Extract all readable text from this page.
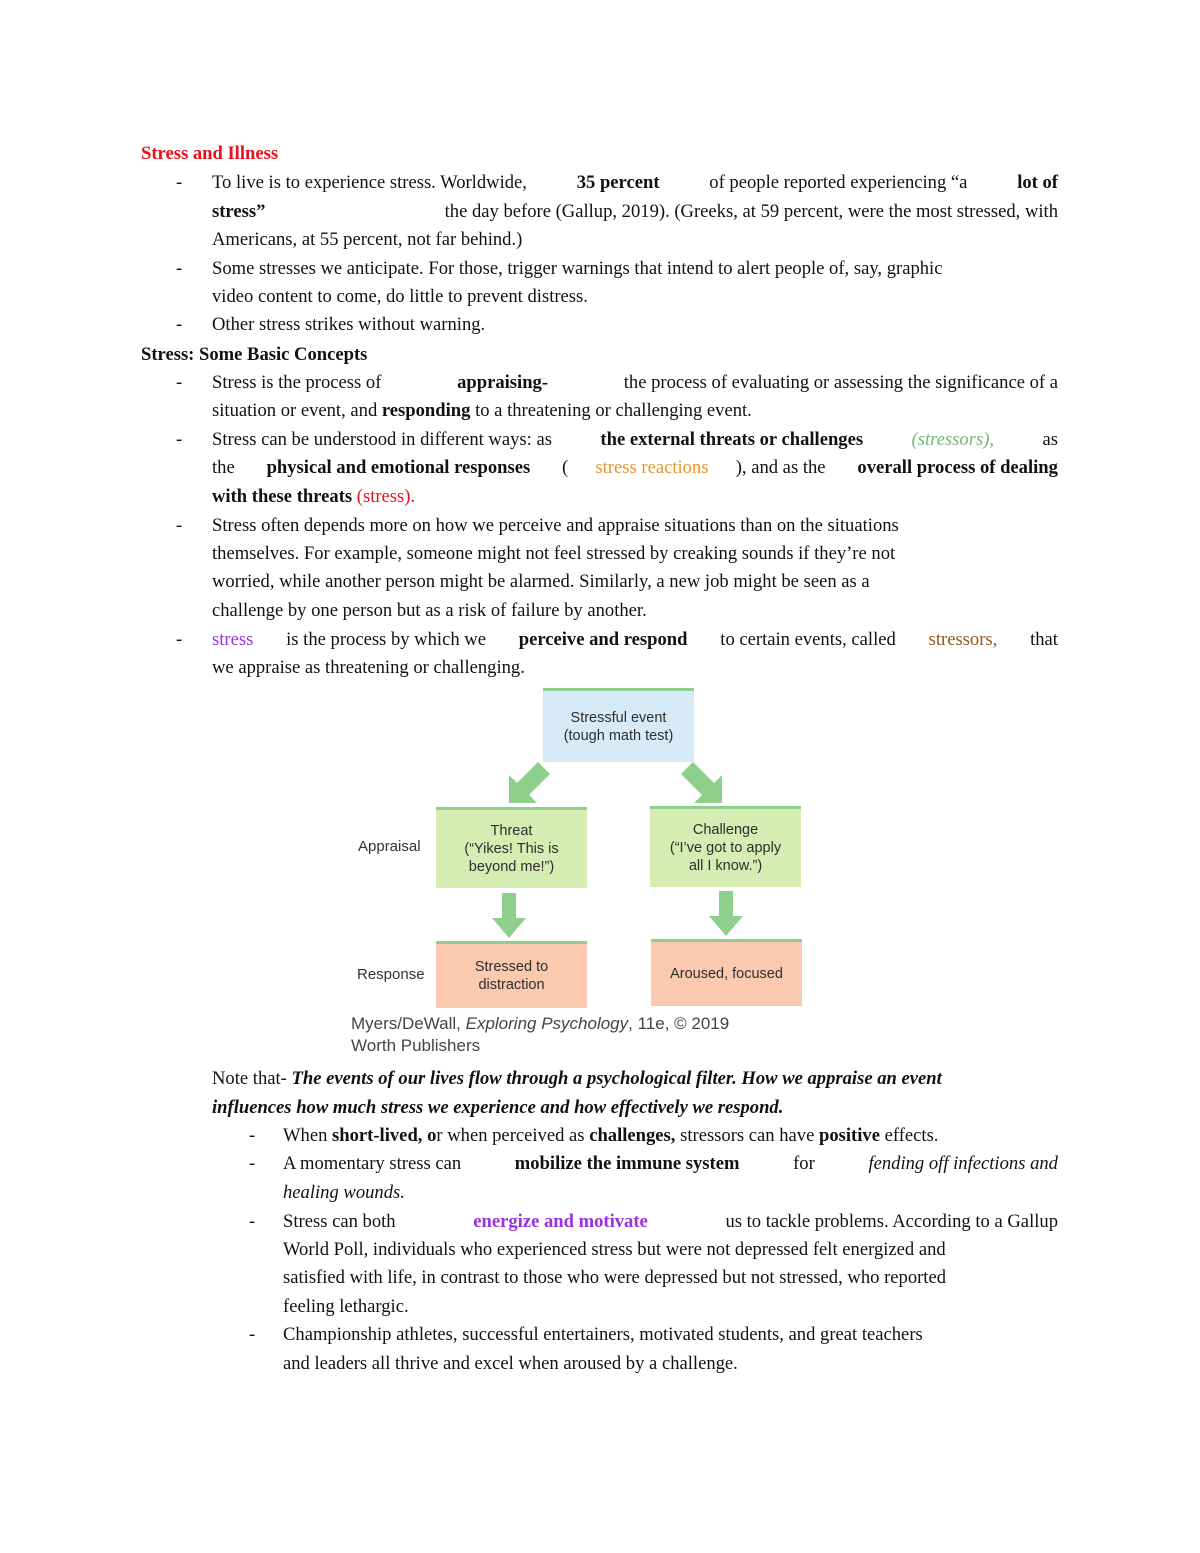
Stress and Illness
- To live is to experience stress. Worldwide, 35 percent of people reported experiencing “a lot of
stress”	the day before (Gallup, 2019). (Greeks, at 59 percent, were the most stressed, with
Americans, at 55 percent, not far behind.)
- Some stresses we anticipate. For those, trigger warnings that intend to alert people of, say, graphic
video content to come, do little to prevent distress.
- Other stress strikes without warning.
Stress: Some Basic Concepts
- Stress is the process of	appraising-	the process of evaluating or assessing the significance of a
situation or event, and responding to a threatening or challenging event.
- Stress can be understood in different ways: as the external threats or challenges (stressors), as
the physical and emotional responses ( stress reactions ), and as the overall process of dealing
with these threats (stress).
- Stress often depends more on how we perceive and appraise situations than on the situations
themselves. For example, someone might not feel stressed by creaking sounds if they’re not
worried, while another person might be alarmed. Similarly, a new job might be seen as a
challenge by one person but as a risk of failure by another.
- stress is the process by which we perceive and respond to certain events, called stressors, that
we appraise as threatening or challenging.
Stressful event
(tough math test)
Appraisal
Response
Threat
(“Yikes! This is
beyond me!”)
Challenge
(“I’ve got to apply
all I know.”)
Stressed to
distraction
Aroused, focused
Myers/DeWall, Exploring Psychology, 11e, © 2019
Worth Publishers
Note that- The events of our lives flow through a psychological filter. How we appraise an event
influences how much stress we experience and how effectively we respond.
- When short-lived, or when perceived as challenges, stressors can have positive effects.
- A momentary stress can	mobilize the immune system	for	fending off infections and
healing wounds.
- Stress can both	energize and motivate	us to tackle problems. According to a Gallup
World Poll, individuals who experienced stress but were not depressed felt energized and
satisfied with life, in contrast to those who were depressed but not stressed, who reported
feeling lethargic.
- Championship athletes, successful entertainers, motivated students, and great teachers
and leaders all thrive and excel when aroused by a challenge.
